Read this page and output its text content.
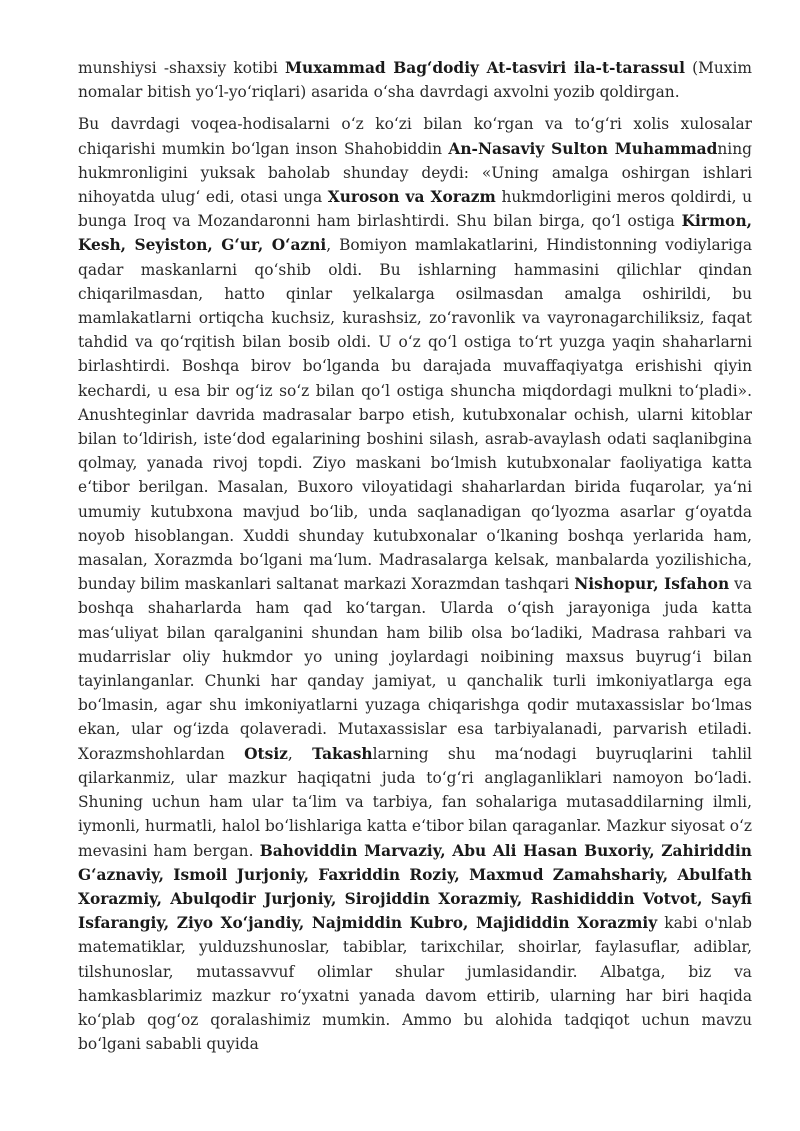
munshiysi -shaxsiy kotibi Muxammad Bag‘dodiy At-tasviri ila-t-tarassul (Muxim nomalar bitish yo‘l-yo‘riqlari) asarida o‘sha davrdagi axvolni yozib qoldirgan.

Bu davrdagi voqea-hodisalarni o‘z ko‘zi bilan ko‘rgan va to‘g‘ri xolis xulosalar chiqarishi mumkin bo‘lgan inson Shahobiddin An-Nasaviy Sulton Muhammadning hukmronligini yuksak baholab shunday deydi: «Uning amalga oshirgan ishlari nihoyatda ulug‘ edi, otasi unga Xuroson va Xorazm hukmdorligini meros qoldirdi, u bunga Iroq va Mozandaronni ham birlashtirdi. Shu bilan birga, qo‘l ostiga Kirmon, Kesh, Seyiston, G‘ur, O‘azni, Bomiyon mamlakatlarini, Hindistonning vodiylariga qadar maskanlarni qo‘shib oldi. Bu ishlarning hammasini qilichlar qindan chiqarilmasdan, hatto qinlar yelkalarga osilmasdan amalga oshirildi, bu mamlakatlarni ortiqcha kuchsiz, kurashsiz, zo‘ravonlik va vayronagarchiliksiz, faqat tahdid va qo‘rqitish bilan bosib oldi. U o‘z qo‘l ostiga to‘rt yuzga yaqin shaharlarni birlashtirdi. Boshqa birov bo‘lganda bu darajada muvaffaqiyatga erishishi qiyin kechardi, u esa bir og‘iz so‘z bilan qo‘l ostiga shuncha miqdordagi mulkni to‘pladi». Anushteginlar davrida madrasalar barpo etish, kutubxonalar ochish, ularni kitoblar bilan to‘ldirish, iste‘dod egalarining boshini silash, asrab-avaylash odati saqlanibgina qolmay, yanada rivoj topdi. Ziyo maskani bo‘lmish kutubxonalar faoliyatiga katta e‘tibor berilgan. Masalan, Buxoro viloyatidagi shaharlardan birida fuqarolar, ya‘ni umumiy kutubxona mavjud bo‘lib, unda saqlanadigan qo‘lyozma asarlar g‘oyatda noyob hisoblangan. Xuddi shunday kutubxonalar o‘lkaning boshqa yerlarida ham, masalan, Xorazmda bo‘lgani ma‘lum. Madrasalarga kelsak, manbalarda yozilishicha, bunday bilim maskanlari saltanat markazi Xorazmdan tashqari Nishopur, Isfahon va boshqa shaharlarda ham qad ko‘targan. Ularda o‘qish jarayoniga juda katta mas‘uliyat bilan qaralganini shundan ham bilib olsa bo‘ladiki, Madrasa rahbari va mudarrislar oliy hukmdor yo uning joylardagi noibining maxsus buyrug‘i bilan tayinlanganlar. Chunki har qanday jamiyat, u qanchalik turli imkoniyatlarga ega bo‘lmasin, agar shu imkoniyatlarni yuzaga chiqarishga qodir mutaxassislar bo‘lmas ekan, ular og‘izda qolaveradi. Mutaxassislar esa tarbiyalanadi, parvarish etiladi. Xorazmshohlardan Otsiz, Takashlarning shu ma‘nodagi buyruqlarini tahlil qilarkanmiz, ular mazkur haqiqatni juda to‘g‘ri anglaganliklari namoyon bo‘ladi. Shuning uchun ham ular ta‘lim va tarbiya, fan sohalariga mutasaddilarning ilmli, iymonli, hurmatli, halol bo‘lishlariga katta e‘tibor bilan qaraganlar. Mazkur siyosat o‘z mevasini ham bergan. Bahoviddin Marvaziy, Abu Ali Hasan Buxoriy, Zahiriddin G‘aznaviy, Ismoil Jurjoniy, Faxriddin Roziy, Maxmud Zamahshariy, Abulfath Xorazmiy, Abulqodir Jurjoniy, Sirojiddin Xorazmiy, Rashididdin Votvot, Sayfi Isfarangiy, Ziyo Xo‘jandiy, Najmiddin Kubro, Majididdin Xorazmiy kabi o'nlab matematiklar, yulduzshunoslar, tabiblar, tarixchilar, shoirlar, faylasuflar, adiblar, tilshunoslar, mutassavvuf olimlar shular jumlasidandir. Albatga, biz va hamkasblarimiz mazkur ro‘yxatni yanada davom ettirib, ularning har biri haqida ko‘plab qog‘oz qoralashimiz mumkin. Ammo bu alohida tadqiqot uchun mavzu bo‘lgani sababli quyida
